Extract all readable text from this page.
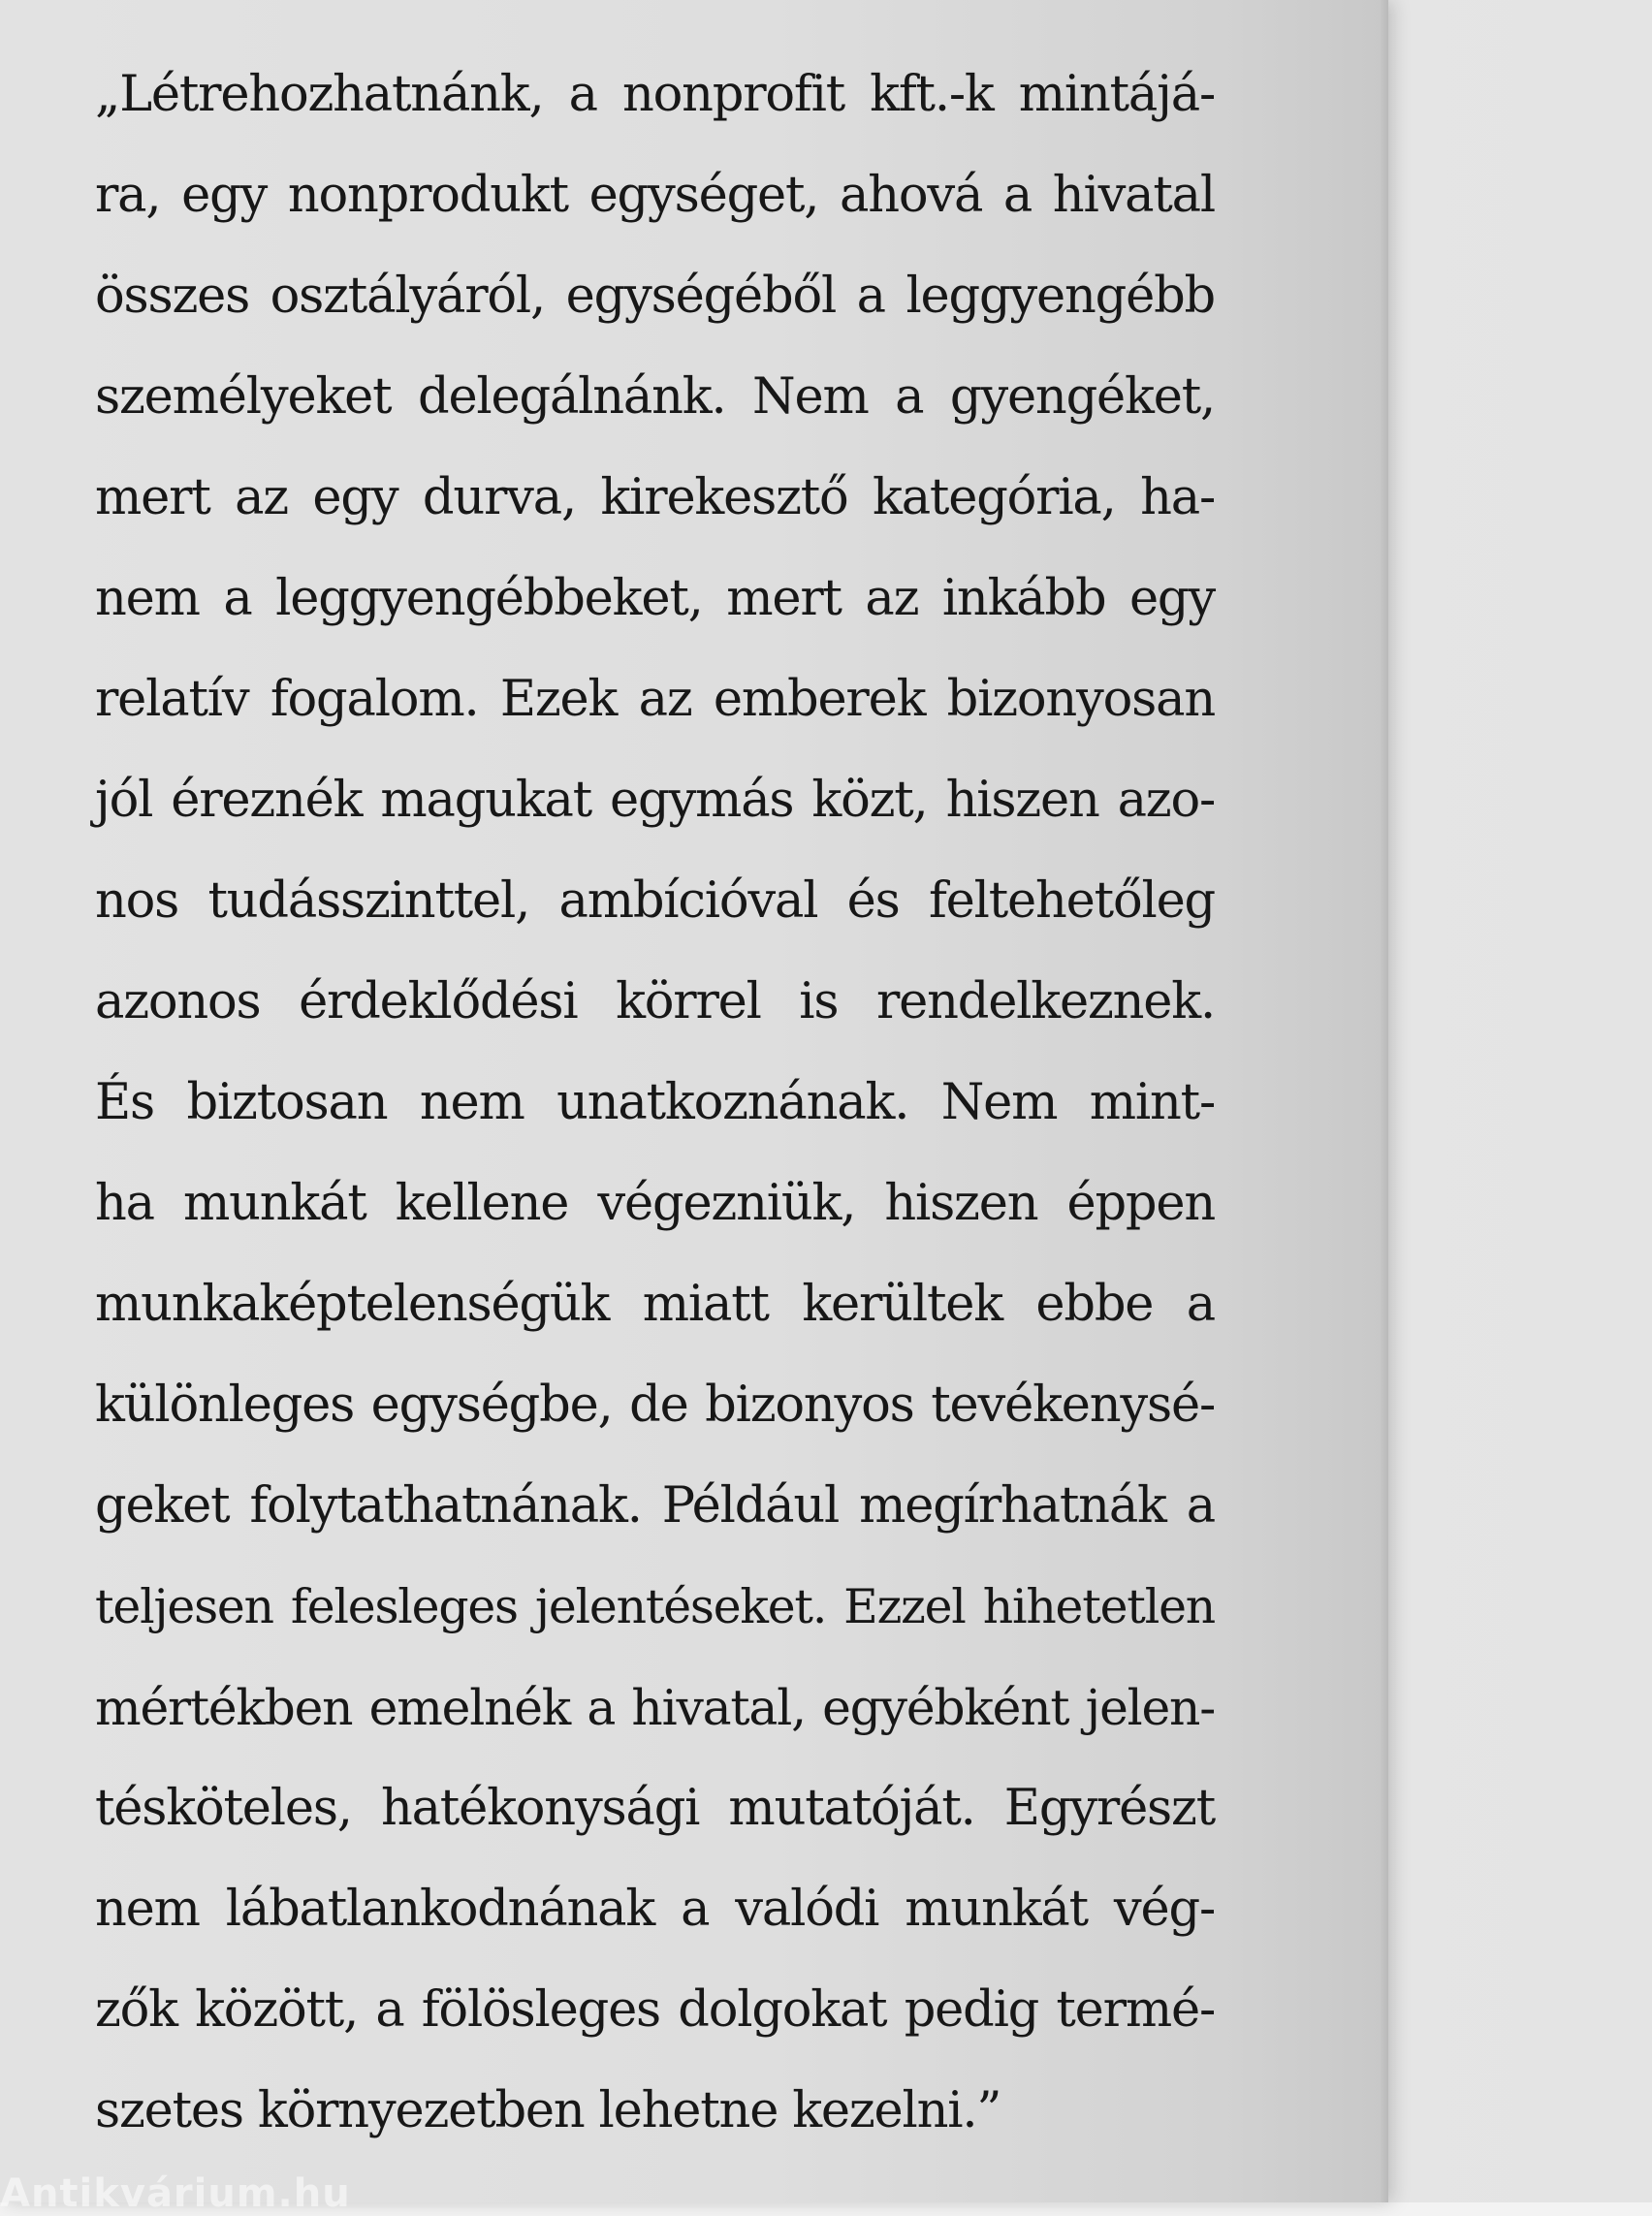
„Létrehozhatnánk, a nonprofit kft.-k mintájá-
ra, egy nonprodukt egységet, ahová a hivatal
összes osztályáról, egységéből a leggyengébb
személyeket delegálnánk. Nem a gyengéket,
mert az egy durva, kirekesztő kategória, ha-
nem a leggyengébbeket, mert az inkább egy
relatív fogalom. Ezek az emberek bizonyosan
jól éreznék magukat egymás közt, hiszen azo-
nos tudásszinttel, ambícióval és feltehetőleg
azonos érdeklődési körrel is rendelkeznek.
És biztosan nem unatkoznának. Nem mint-
ha munkát kellene végezniük, hiszen éppen
munkaképtelenségük miatt kerültek ebbe a
különleges egységbe, de bizonyos tevékenysé-
geket folytathatnának. Például megírhatnák a
teljesen felesleges jelentéseket. Ezzel hihetetlen
mértékben emelnék a hivatal, egyébként jelen-
tésköteles, hatékonysági mutatóját. Egyrészt
nem lábatlankodnának a valódi munkát vég-
zők között, a fölösleges dolgokat pedig termé-
szetes környezetben lehetne kezelni.”
Antikvárium.hu
